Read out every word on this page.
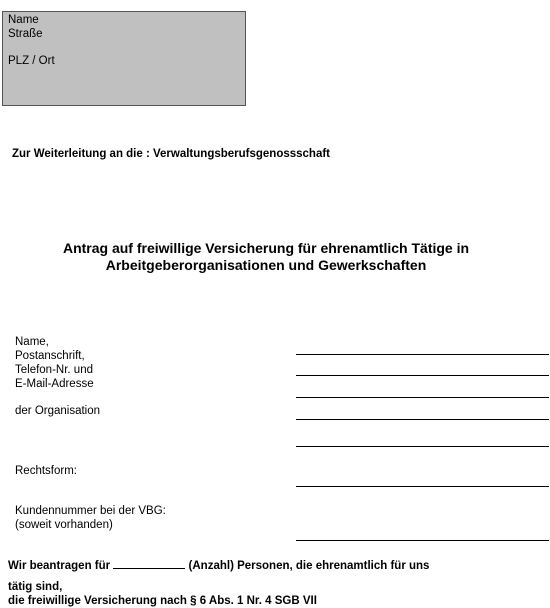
Name
Straße
PLZ / Ort
Zur Weiterleitung an die : Verwaltungsberufsgenossschaft
Antrag auf freiwillige Versicherung für ehrenamtlich Tätige in
Arbeitgeberorganisationen und Gewerkschaften
Name,
Postanschrift,
Telefon-Nr. und
E-Mail-Adresse
der Organisation
Rechtsform:
Kundennummer bei der VBG:
(soweit vorhanden)
Wir beantragen für	(Anzahl) Personen, die ehrenamtlich für uns
tätig sind,
die freiwillige Versicherung nach § 6 Abs. 1 Nr. 4 SGB VII
